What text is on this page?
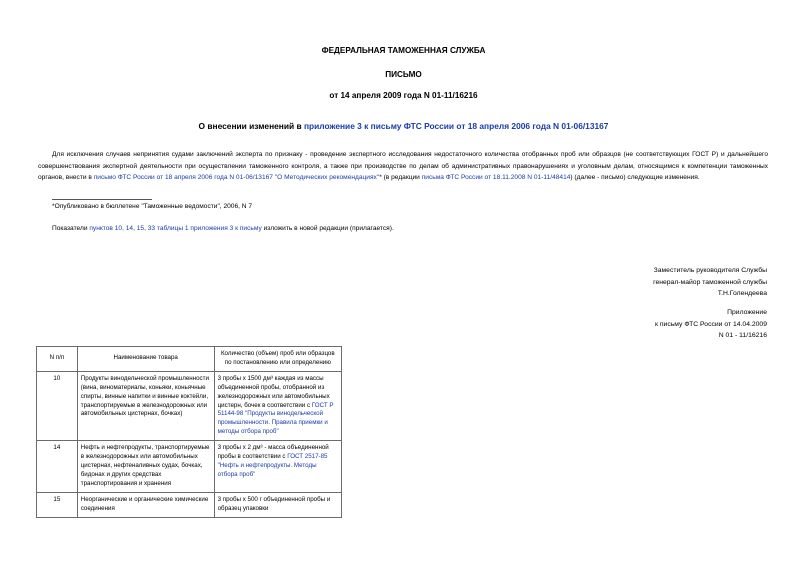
ФЕДЕРАЛЬНАЯ ТАМОЖЕННАЯ СЛУЖБА
ПИСЬМО
от 14 апреля 2009 года N 01-11/16216
О внесении изменений в приложение 3 к письму ФТС России от 18 апреля 2006 года N 01-06/13167
Для исключения случаев непринятия судами заключений эксперта по признаку - проведение экспертного исследования недостаточного количества отобранных проб или образцов (не соответствующих ГОСТ Р) и дальнейшего совершенствования экспертной деятельности при осуществлении таможенного контроля, а также при производстве по делам об административных правонарушениях и уголовным делам, относящимся к компетенции таможенных органов, внести в письмо ФТС России от 18 апреля 2006 года N 01-06/13167 "О Методических рекомендациях"* (в редакции письма ФТС России от 18.11.2008 N 01-11/48414) (далее - письмо) следующие изменения.
*Опубликовано в бюллетене "Таможенные ведомости", 2006, N 7
Показатели пунктов 10, 14, 15, 33 таблицы 1 приложения 3 к письму изложить в новой редакции (прилагается).
Заместитель руководителя Службы
генерал-майор таможенной службы
Т.Н.Голендеева
Приложение
к письму ФТС России от 14.04.2009
N 01 - 11/16216
N п/п	Наименование товара	Количество (объем) проб или образцов по постановлению или определению
10	Продукты винодельческой промышленности (вина, виноматериалы, коньяки, коньячные спирты, винные напитки и винные коктейли, транспортируемые в железнодорожных или автомобильных цистернах, бочках)	3 пробы х 1500 дм³ каждая из массы объединенной пробы, отобранной из железнодорожных или автомобильных цистерн, бочек в соответствии с ГОСТ Р 51144-98 "Продукты винодельческой промышленности. Правила приемки и методы отбора проб"
14	Нефть и нефтепродукты, транспортируемые в железнодорожных или автомобильных цистернах, нефтеналивных судах, бочках, бидонах и других средствах транспортирования и хранения	3 пробы х 2 дм³ - масса объединенной пробы в соответствии с ГОСТ 2517-85 "Нефть и нефтепродукты. Методы отбора проб"
15	Неорганические и органические химические соединения	3 пробы х 500 г объединенной пробы и образец упаковки
